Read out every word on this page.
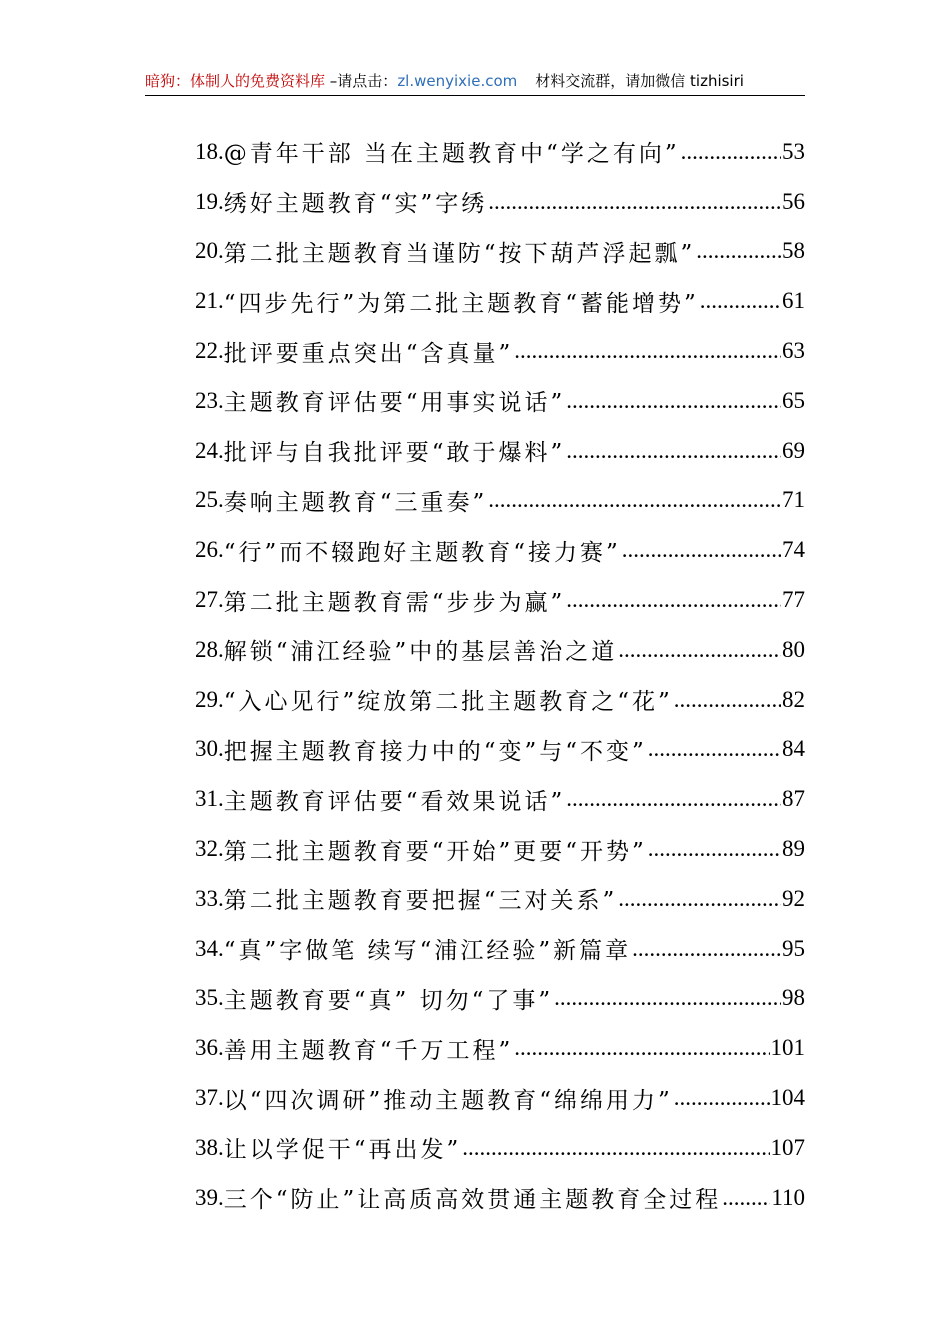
暗狗：体制人的免费资料库 –请点击：zl.wenyixie.com 材料交流群，请加微信 tizhisiri
18. @青年干部 当在主题教育中“学之有向” .....	53
19. 绣好主题教育“实”字绣 .....	56
20. 第二批主题教育当谨防“按下葫芦浮起瓢” .....	58
21. “四步先行”为第二批主题教育“蓄能增势” .....	61
22. 批评要重点突出“含真量” .....	63
23. 主题教育评估要“用事实说话” .....	65
24. 批评与自我批评要“敢于爆料” .....	69
25. 奏响主题教育“三重奏” .....	71
26. “行”而不辍跑好主题教育“接力赛” .....	74
27. 第二批主题教育需“步步为赢” .....	77
28. 解锁“浦江经验”中的基层善治之道 .....	80
29. “入心见行”绽放第二批主题教育之“花” .....	82
30. 把握主题教育接力中的“变”与“不变” .....	84
31. 主题教育评估要“看效果说话” .....	87
32. 第二批主题教育要“开始”更要“开势” .....	89
33. 第二批主题教育要把握“三对关系” .....	92
34. “真”字做笔 续写“浦江经验”新篇章 .....	95
35. 主题教育要“真” 切勿“了事” .....	98
36. 善用主题教育“千万工程” .....	101
37. 以“四次调研”推动主题教育“绵绵用力” .....	104
38. 让以学促干“再出发” .....	107
39. 三个“防止”让高质高效贯通主题教育全过程 ..... 110
